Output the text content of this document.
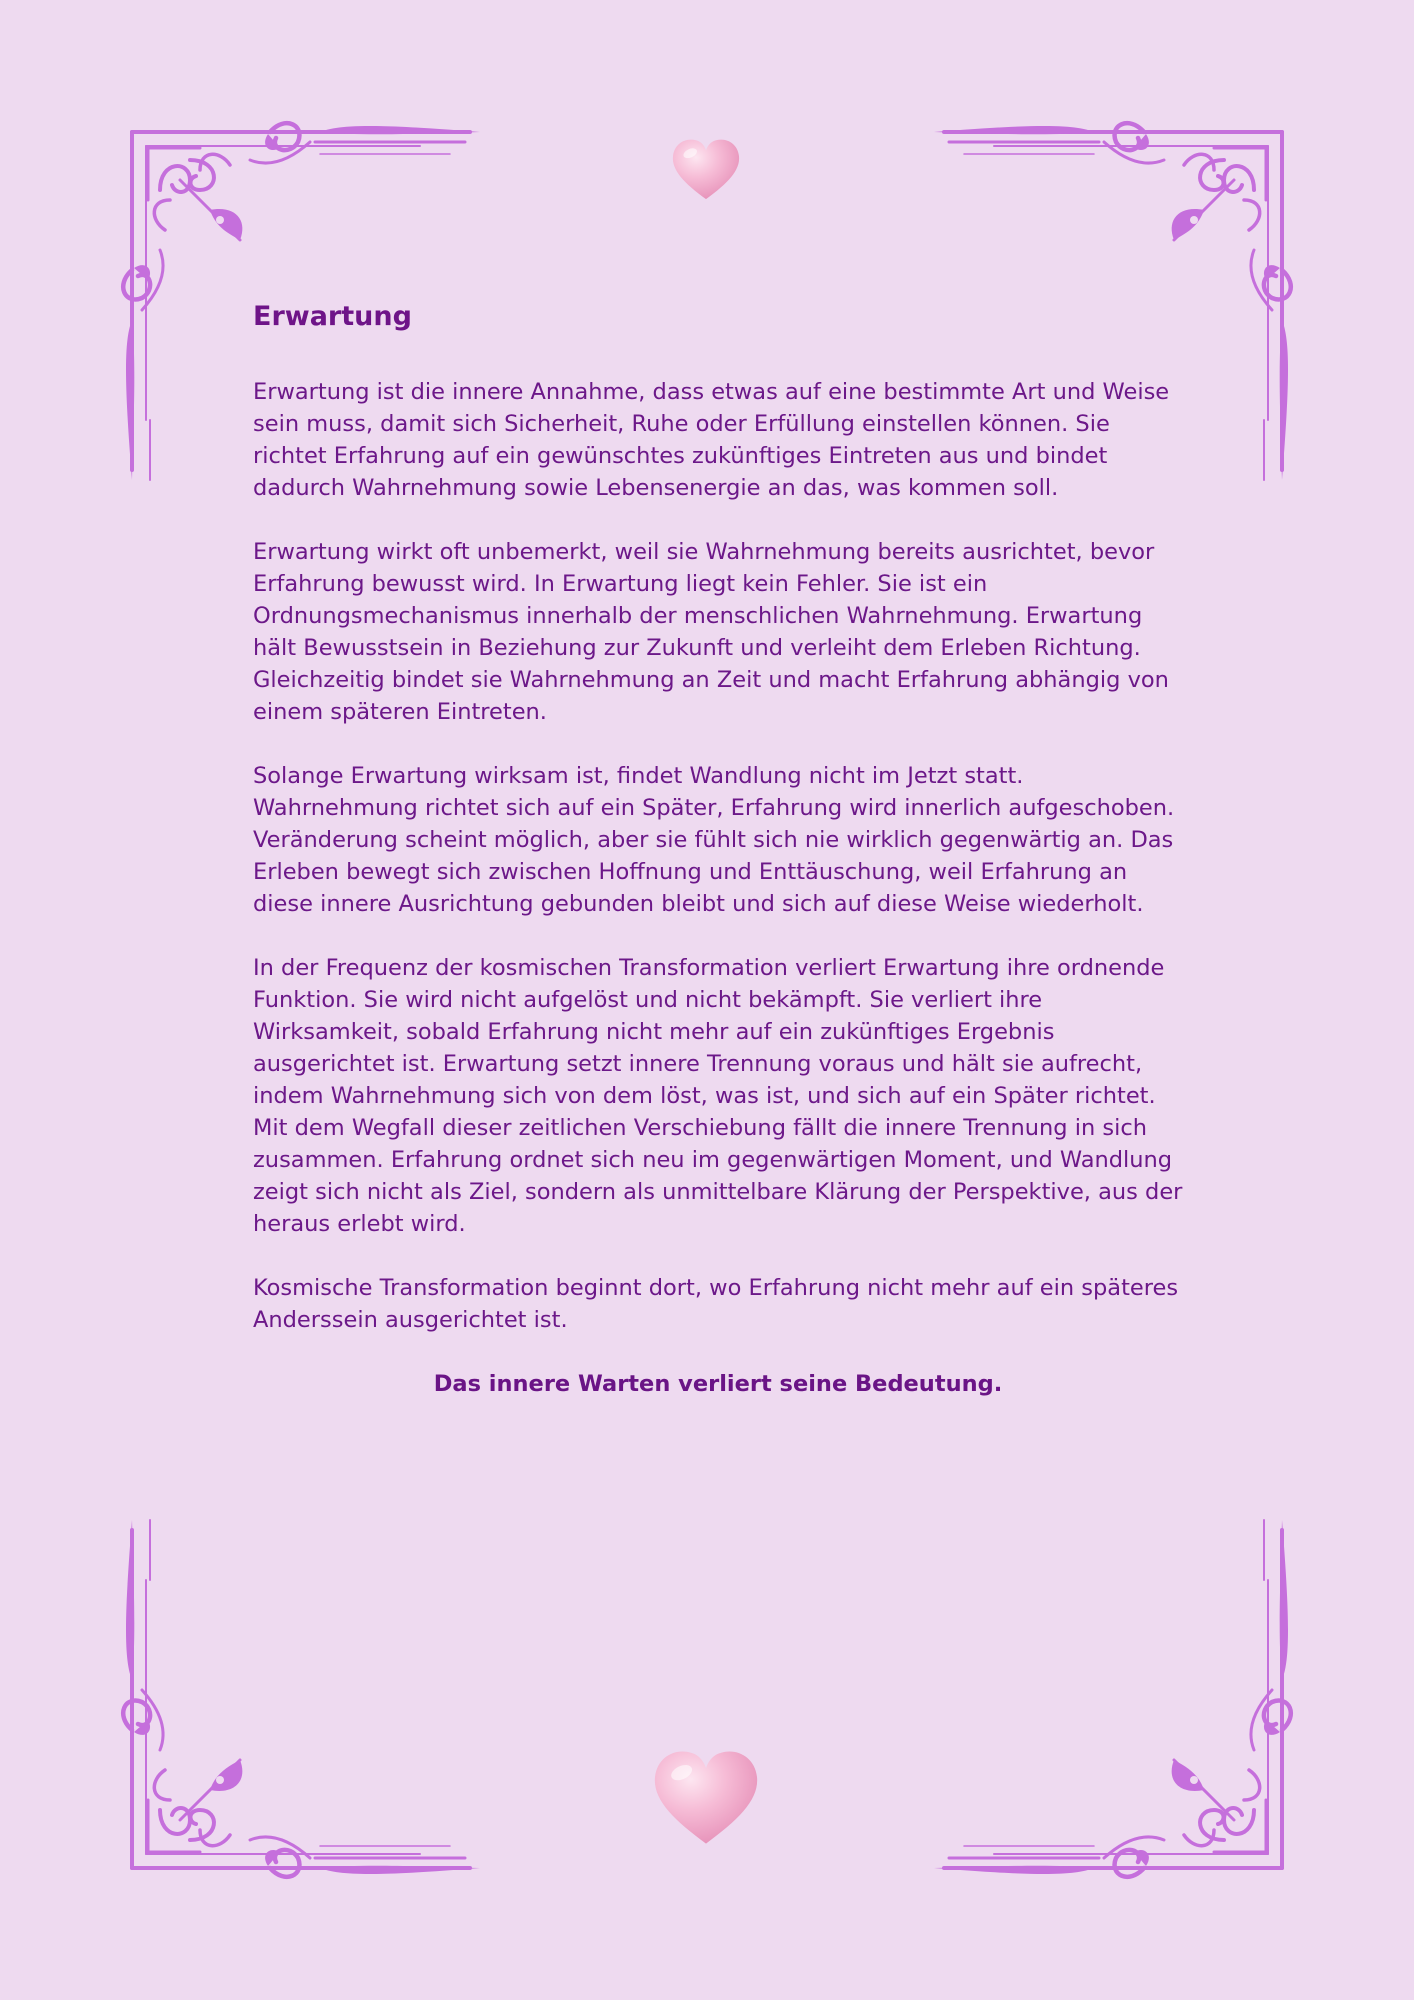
Erwartung

Erwartung ist die innere Annahme, dass etwas auf eine bestimmte Art und Weise sein muss, damit sich Sicherheit, Ruhe oder Erfüllung einstellen können. Sie richtet Erfahrung auf ein gewünschtes zukünftiges Eintreten aus und bindet dadurch Wahrnehmung sowie Lebensenergie an das, was kommen soll.

Erwartung wirkt oft unbemerkt, weil sie Wahrnehmung bereits ausrichtet, bevor Erfahrung bewusst wird. In Erwartung liegt kein Fehler. Sie ist ein Ordnungsmechanismus innerhalb der menschlichen Wahrnehmung. Erwartung hält Bewusstsein in Beziehung zur Zukunft und verleiht dem Erleben Richtung. Gleichzeitig bindet sie Wahrnehmung an Zeit und macht Erfahrung abhängig von einem späteren Eintreten.

Solange Erwartung wirksam ist, findet Wandlung nicht im Jetzt statt. Wahrnehmung richtet sich auf ein Später, Erfahrung wird innerlich aufgeschoben. Veränderung scheint möglich, aber sie fühlt sich nie wirklich gegenwärtig an. Das Erleben bewegt sich zwischen Hoffnung und Enttäuschung, weil Erfahrung an diese innere Ausrichtung gebunden bleibt und sich auf diese Weise wiederholt.

In der Frequenz der kosmischen Transformation verliert Erwartung ihre ordnende Funktion. Sie wird nicht aufgelöst und nicht bekämpft. Sie verliert ihre Wirksamkeit, sobald Erfahrung nicht mehr auf ein zukünftiges Ergebnis ausgerichtet ist. Erwartung setzt innere Trennung voraus und hält sie aufrecht, indem Wahrnehmung sich von dem löst, was ist, und sich auf ein Später richtet. Mit dem Wegfall dieser zeitlichen Verschiebung fällt die innere Trennung in sich zusammen. Erfahrung ordnet sich neu im gegenwärtigen Moment, und Wandlung zeigt sich nicht als Ziel, sondern als unmittelbare Klärung der Perspektive, aus der heraus erlebt wird.

Kosmische Transformation beginnt dort, wo Erfahrung nicht mehr auf ein späteres Anderssein ausgerichtet ist.

Das innere Warten verliert seine Bedeutung.
